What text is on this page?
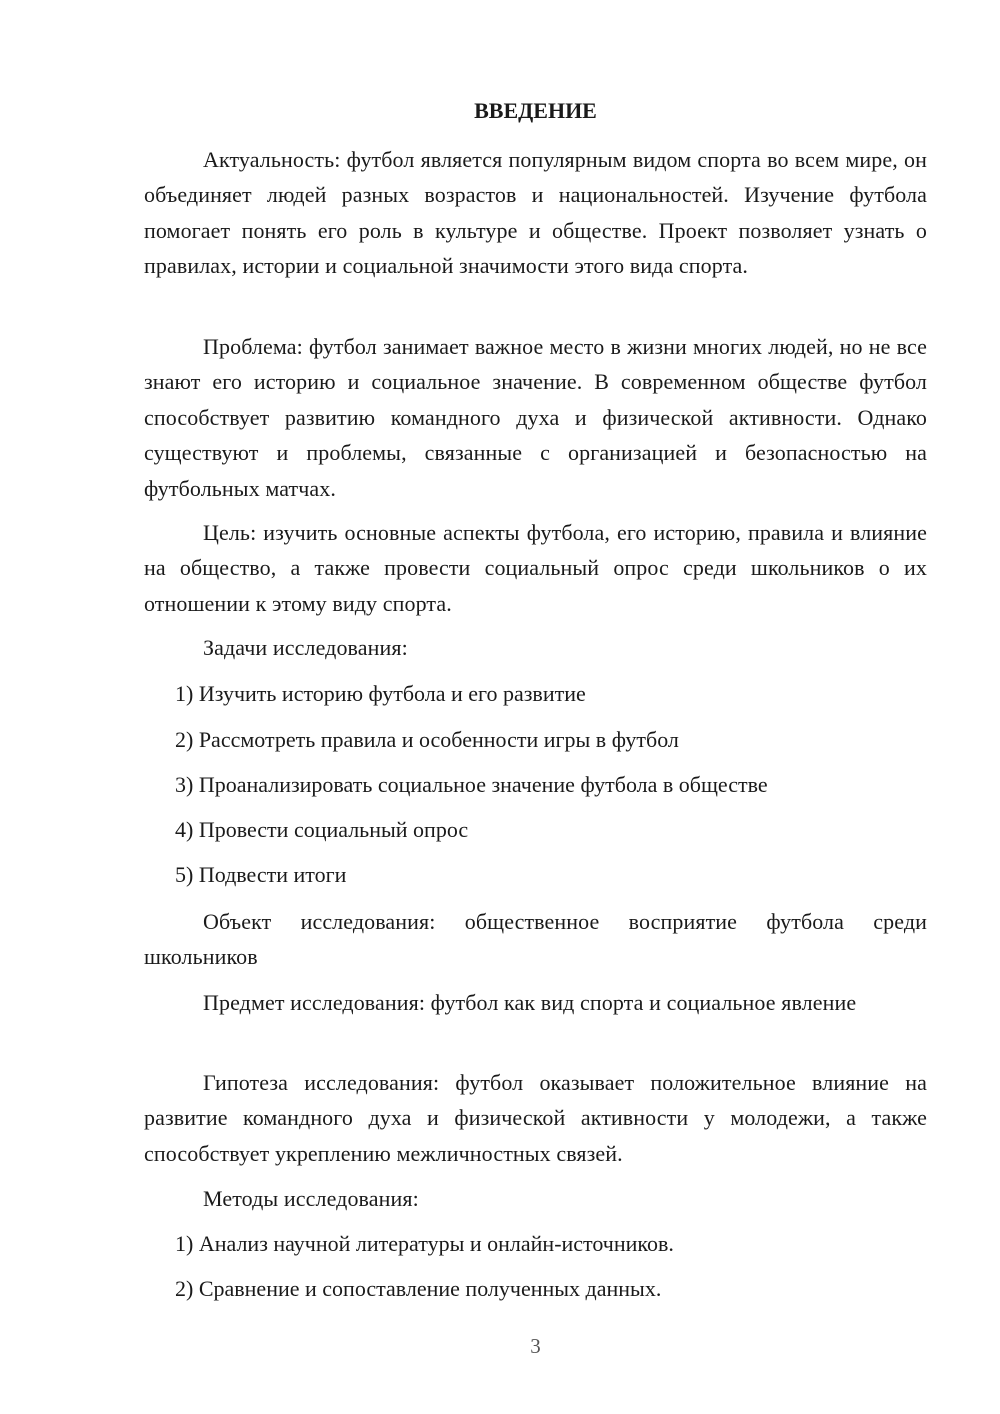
ВВЕДЕНИЕ

Актуальность: футбол является популярным видом спорта во всем мире, он объединяет людей разных возрастов и национальностей. Изучение футбола помогает понять его роль в культуре и обществе. Проект позволяет узнать о правилах, истории и социальной значимости этого вида спорта.

Проблема: футбол занимает важное место в жизни многих людей, но не все знают его историю и социальное значение. В современном обществе футбол способствует развитию командного духа и физической активности. Однако существуют и проблемы, связанные с организацией и безопасностью на футбольных матчах.

Цель: изучить основные аспекты футбола, его историю, правила и влияние на общество, а также провести социальный опрос среди школьников о их отношении к этому виду спорта.

Задачи исследования:

1) Изучить историю футбола и его развитие

2) Рассмотреть правила и особенности игры в футбол

3) Проанализировать социальное значение футбола в обществе

4) Провести социальный опрос

5) Подвести итоги

Объект исследования: общественное восприятие футбола среди школьников

Предмет исследования: футбол как вид спорта и социальное явление

Гипотеза исследования: футбол оказывает положительное влияние на развитие командного духа и физической активности у молодежи, а также способствует укреплению межличностных связей.

Методы исследования:

1) Анализ научной литературы и онлайн-источников.

2) Сравнение и сопоставление полученных данных.

3
